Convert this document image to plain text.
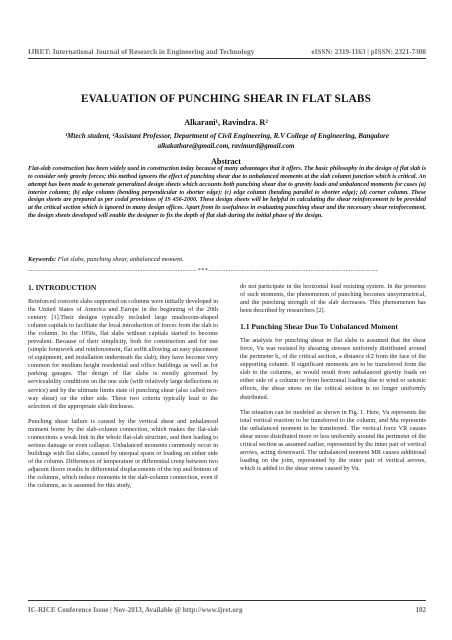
IJRET: International Journal of Research in Engineering and Technology	eISSN: 2319-1163 | pISSN: 2321-7308
EVALUATION OF PUNCHING SHEAR IN FLAT SLABS
Alkarani¹, Ravindra. R²
¹Mtech student, ²Assistant Professor, Department of Civil Engineering, R.V College of Engineering, Bangalore
alkakathare@gmail.com, ravimurd@gmail.com
Abstract
Flat-slab construction has been widely used in construction today because of many advantages that it offers. The basic philosophy in the design of flat slab is to consider only gravity forces; this method ignores the effect of punching shear due to unbalanced moments at the slab column junction which is critical. An attempt has been made to generate generalized design sheets which accounts both punching shear due to gravity loads and unbalanced moments for cases (a) interior column; (b) edge column (bending perpendicular to shorter edge); (c) edge column (bending parallel to shorter edge); (d) corner column. These design sheets are prepared as per codal provisions of IS 456-2000. These design sheets will be helpful in calculating the shear reinforcement to be provided at the critical section which is ignored in many design offices. Apart from its usefulness in evaluating punching shear and the necessary shear reinforcement, the design sheets developed will enable the designer to fix the depth of flat slab during the initial phase of the design.
Keywords: Flat slabs, punching shear, unbalanced moment.
--------------------------------------------------------------------***--------------------------------------------------------------------
1. INTRODUCTION

Reinforced concrete slabs supported on columns were initially developed in the United States of America and Europe in the beginning of the 20th century [1].Their designs typically included large mushroom-shaped column capitals to facilitate the local introduction of forces from the slab to the column. In the 1950s, flat slabs without capitals started to become prevalent. Because of their simplicity, both for construction and for use (simple formwork and reinforcement, flat soffit allowing an easy placement of equipment, and installation underneath the slab); they have become very common for medium height residential and office buildings as well as for parking garages. The design of flat slabs is mostly governed by serviceability conditions on the one side (with relatively large deflections in service) and by the ultimate limits state of punching shear (also called two-way shear) on the other side. These two criteria typically lead to the selection of the appropriate slab thickness.

Punching shear failure is caused by the vertical shear and unbalanced moment borne by the slab-column connection, which makes the flat-slab connections a weak link in the whole flat-slab structure, and then leading to serious damage or even collapse. Unbalanced moments commonly occur in buildings with flat slabs, caused by unequal spans or loading on either side of the column. Differences of temperature or differential creep between two adjacent floors results in differential displacements of the top and bottom of the columns, which induce moments in the slab-column connection, even if the columns, as is assumed for this study,

do not participate in the horizontal load resisting system. In the presence of such moments, the phenomenon of punching becomes unsymmetrical, and the punching strength of the slab decreases. This phenomenon has been described by researchers [2].

1.1 Punching Shear Due To Unbalanced Moment

The analysis for punching shear in flat slabs is assumed that the shear force, Vu was resisted by shearing stresses uniformly distributed around the perimeter b₀ of the critical section, a distance d/2 from the face of the supporting column. If significant moments are to be transferred from the slab to the columns, as would result from unbalanced gravity loads on either side of a column or from horizontal loading due to wind or seismic effects, the shear stress on the critical section is no longer uniformly distributed.

The situation can be modeled as shown in Fig. 1. Here, Vu represents the total vertical reaction to be transferred to the column, and Mu represents the unbalanced moment to be transferred. The vertical force VR causes shear stress distributed more or less uniformly around the perimeter of the critical section as assumed earlier, represented by the inner pair of vertical arrows, acting downward. The unbalanced moment MR causes additional loading on the joint, represented by the outer pair of vertical arrows, which is added to the shear stress caused by Vu.

IC-RICE Conference Issue | Nov-2013, Available @ http://www.ijret.org	102
